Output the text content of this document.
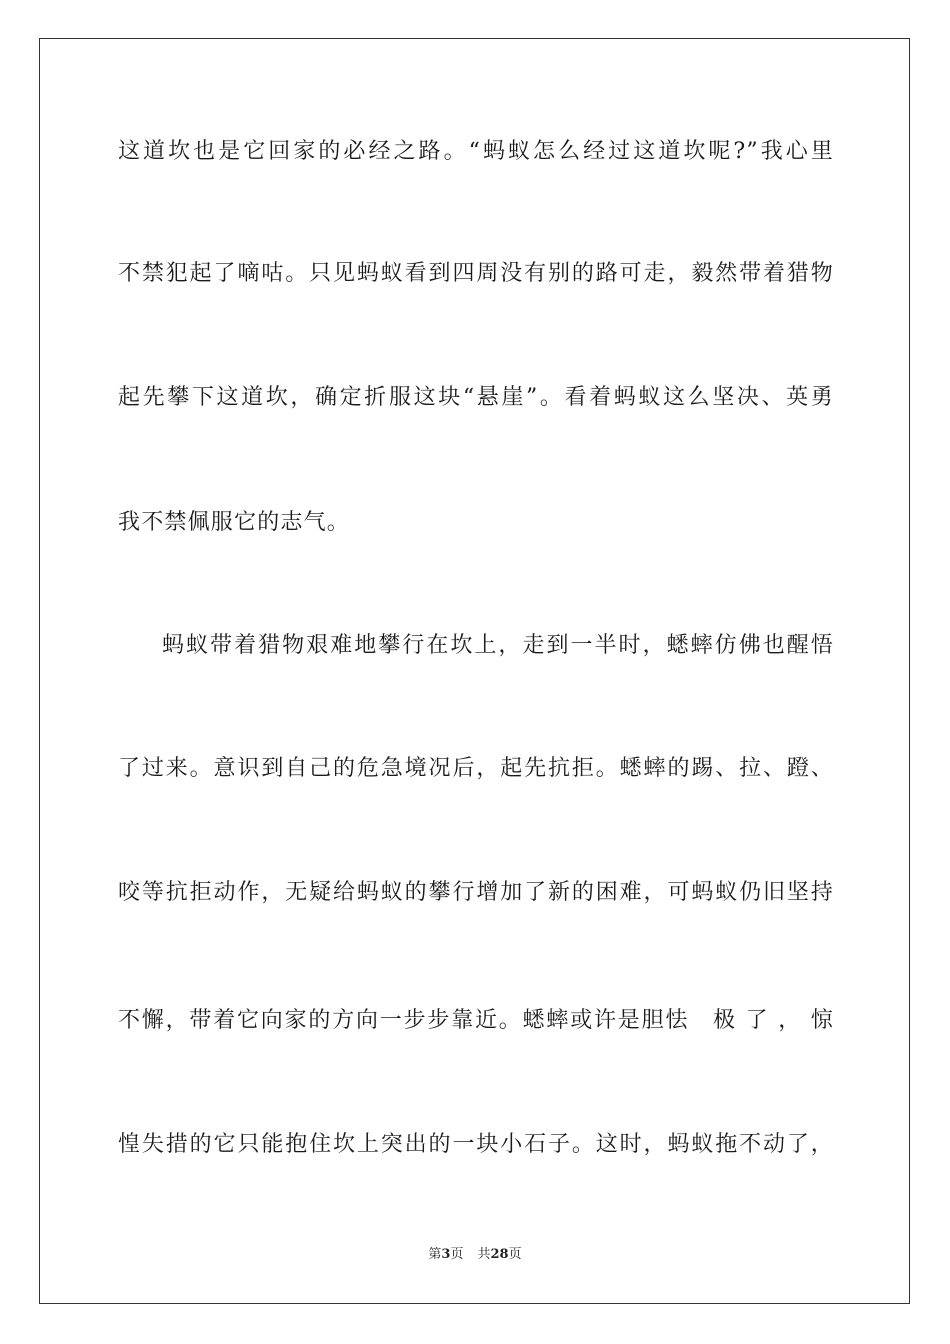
这道坎也是它回家的必经之路。“蚂蚁怎么经过这道坎呢?”我心里
不禁犯起了嘀咕。只见蚂蚁看到四周没有别的路可走，毅然带着猎物
起先攀下这道坎，确定折服这块“悬崖”。看着蚂蚁这么坚决、英勇
我不禁佩服它的志气。
蚂蚁带着猎物艰难地攀行在坎上，走到一半时，蟋蟀仿佛也醒悟
了过来。意识到自己的危急境况后，起先抗拒。蟋蟀的踢、拉、蹬、
咬等抗拒动作，无疑给蚂蚁的攀行增加了新的困难，可蚂蚁仍旧坚持
不懈，带着它向家的方向一步步靠近。蟋蟀或许是胆怯　极 了 ， 惊
惶失措的它只能抱住坎上突出的一块小石子。这时，蚂蚁拖不动了，
第3页 共28页
